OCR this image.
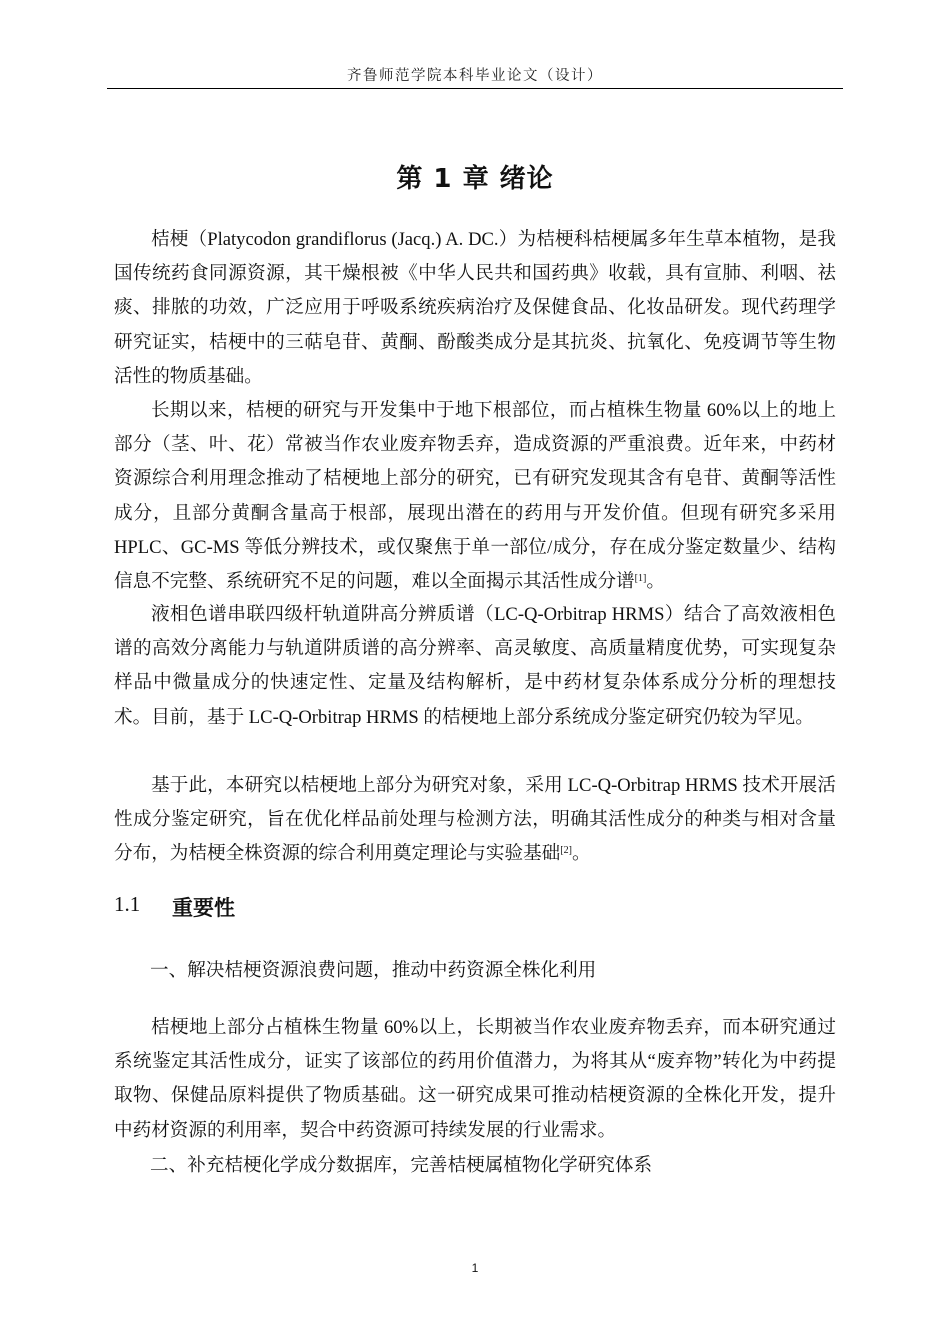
齐鲁师范学院本科毕业论文（设计）
第 1 章 绪论

桔梗（Platycodon grandiflorus (Jacq.) A. DC.）为桔梗科桔梗属多年生草本植物，是我国传统药食同源资源，其干燥根被《中华人民共和国药典》收载，具有宣肺、利咽、祛痰、排脓的功效，广泛应用于呼吸系统疾病治疗及保健食品、化妆品研发。现代药理学研究证实，桔梗中的三萜皂苷、黄酮、酚酸类成分是其抗炎、抗氧化、免疫调节等生物活性的物质基础。

长期以来，桔梗的研究与开发集中于地下根部位，而占植株生物量 60%以上的地上部分（茎、叶、花）常被当作农业废弃物丢弃，造成资源的严重浪费。近年来，中药材资源综合利用理念推动了桔梗地上部分的研究，已有研究发现其含有皂苷、黄酮等活性成分，且部分黄酮含量高于根部，展现出潜在的药用与开发价值。但现有研究多采用 HPLC、GC-MS 等低分辨技术，或仅聚焦于单一部位/成分，存在成分鉴定数量少、结构信息不完整、系统研究不足的问题，难以全面揭示其活性成分谱[1]。

液相色谱串联四级杆轨道阱高分辨质谱（LC-Q-Orbitrap HRMS）结合了高效液相色谱的高效分离能力与轨道阱质谱的高分辨率、高灵敏度、高质量精度优势，可实现复杂样品中微量成分的快速定性、定量及结构解析，是中药材复杂体系成分分析的理想技术。目前，基于 LC-Q-Orbitrap HRMS 的桔梗地上部分系统成分鉴定研究仍较为罕见。

基于此，本研究以桔梗地上部分为研究对象，采用 LC-Q-Orbitrap HRMS 技术开展活性成分鉴定研究，旨在优化样品前处理与检测方法，明确其活性成分的种类与相对含量分布，为桔梗全株资源的综合利用奠定理论与实验基础[2]。

1.1	重要性
一、解决桔梗资源浪费问题，推动中药资源全株化利用

桔梗地上部分占植株生物量 60%以上，长期被当作农业废弃物丢弃，而本研究通过系统鉴定其活性成分，证实了该部位的药用价值潜力，为将其从“废弃物”转化为中药提取物、保健品原料提供了物质基础。这一研究成果可推动桔梗资源的全株化开发，提升中药材资源的利用率，契合中药资源可持续发展的行业需求。

二、补充桔梗化学成分数据库，完善桔梗属植物化学研究体系
1
